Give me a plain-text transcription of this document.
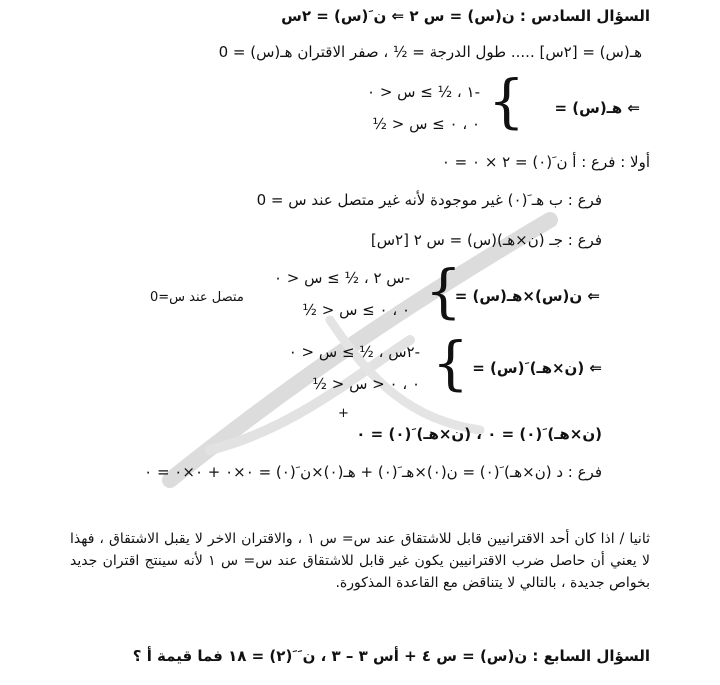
السؤال السادس : ن(س) = س ٢ ⇐ ن َ(س) = ٢س
هـ(س) = [٢س] ..... طول الدرجة = ½ ، صفر الاقتران هـ(س) = 0
⇐ هـ(س) =
{
-١ ، ½ ≥ س < ٠
٠ ، ٠ ≥ س < ½
أولا : فرع : أ ن َ(٠) = ٢ × ٠ = ٠
فرع : ب هـ َ(٠) غير موجودة لأنه غير متصل عند س = 0
فرع : جـ (ن×هـ)(س) = س ٢ [٢س]
⇐ ن(س)×هـ(س) =
{
-س ٢ ، ½ ≥ س < ٠
٠ ، ٠ ≥ س < ½
متصل عند س=0
⇐ (ن×هـ) َ(س) =
{
-٢س ، ½ ≥ س < ٠
٠ ، ٠ < س < ½
+
(ن×هـ) َ(٠) = ٠ ، (ن×هـ) َ(٠) = ٠
فرع : د (ن×هـ) َ(٠) = ن(٠)×هـ َ(٠) + هـ(٠)×ن َ(٠) = ٠×٠ + ٠×٠ = ٠
ثانيا / اذا كان أحد الاقترانيين قابل للاشتقاق عند س= س ١ ، والاقتران الاخر لا يقبل الاشتقاق ، فهذا لا يعني أن حاصل ضرب الاقترانيين يكون غير قابل للاشتقاق عند س= س ١ لأنه سينتج اقتران جديد بخواص جديدة ، بالتالي لا يتناقض مع القاعدة المذكورة.
السؤال السابع : ن(س) = س ٤ + أس ٣ – ٣ ، ن َ َ(٢) = ١٨ فما قيمة أ ؟
